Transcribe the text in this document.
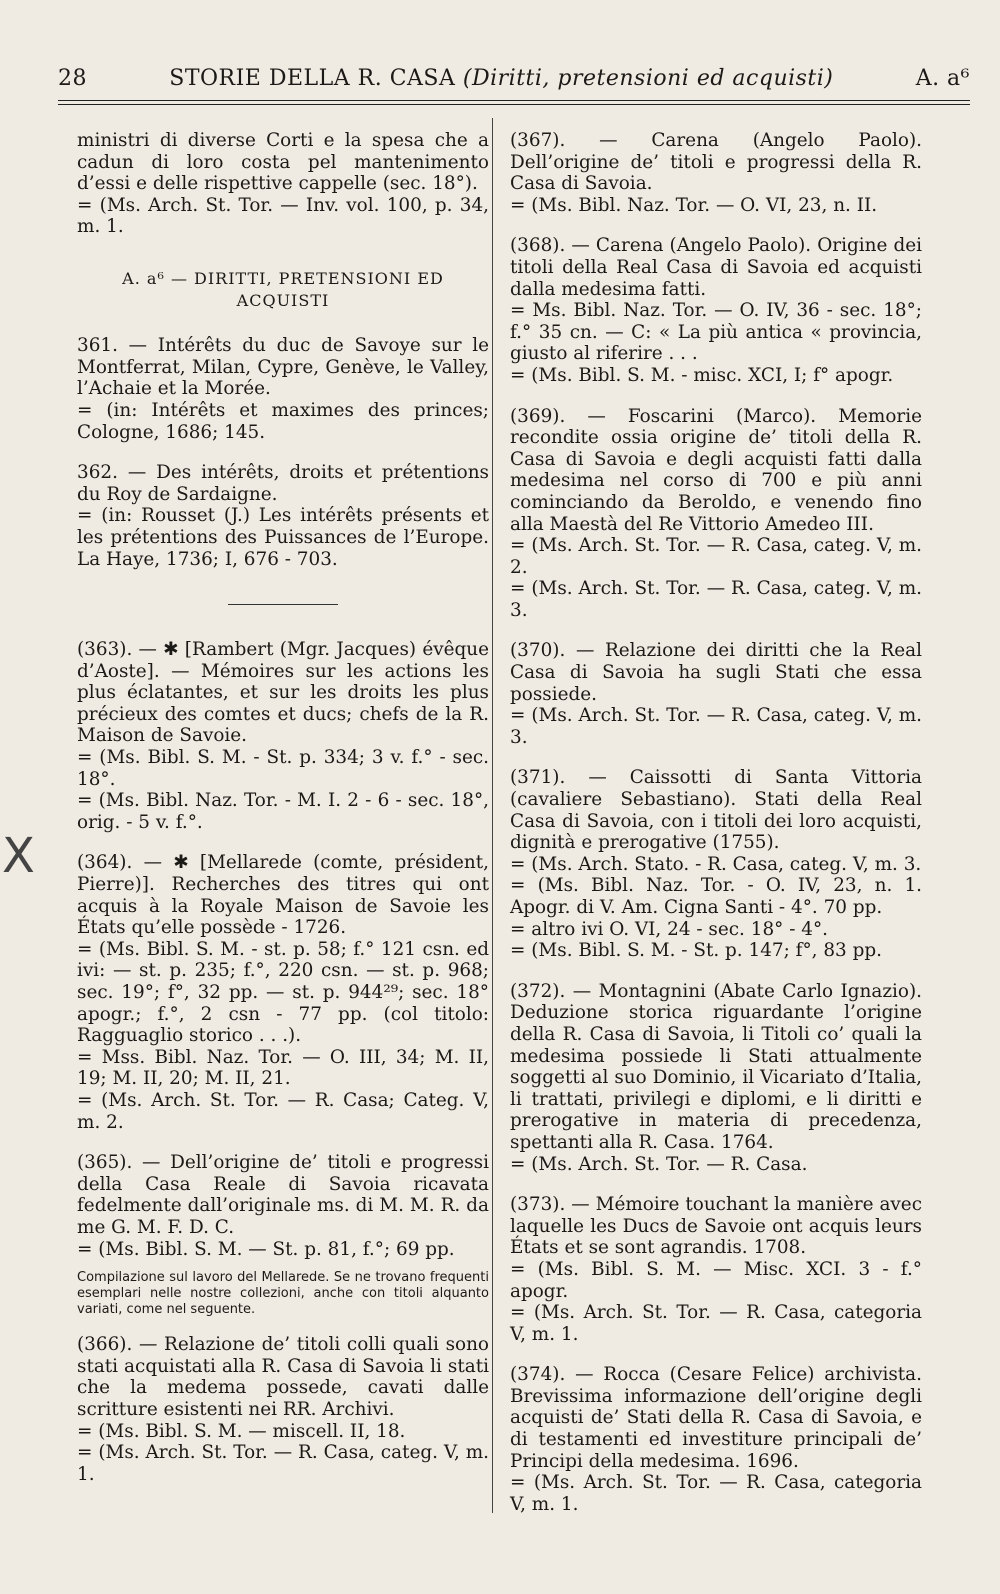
28	STORIE DELLA R. CASA (Diritti, pretensioni ed acquisti)	A. a⁶
X

ministri di diverse Corti e la spesa che a cadun di loro costa pel mantenimento d’essi e delle rispettive cappelle (sec. 18°).

= (Ms. Arch. St. Tor. — Inv. vol. 100, p. 34, m. 1.

A. a⁶ — DIRITTI, PRETENSIONI ED ACQUISTI

361. — Intérêts du duc de Savoye sur le Montferrat, Milan, Cypre, Genève, le Valley, l’Achaie et la Morée.

= (in: Intérêts et maximes des princes; Cologne, 1686; 145.

362. — Des intérêts, droits et prétentions du Roy de Sardaigne.

= (in: Rousset (J.) Les intérêts présents et les prétentions des Puissances de l’Europe. La Haye, 1736; I, 676 - 703.

(363). — ✱ [Rambert (Mgr. Jacques) évêque d’Aoste]. — Mémoires sur les actions les plus éclatantes, et sur les droits les plus précieux des comtes et ducs; chefs de la R. Maison de Savoie.

= (Ms. Bibl. S. M. - St. p. 334; 3 v. f.° - sec. 18°.

= (Ms. Bibl. Naz. Tor. - M. I. 2 - 6 - sec. 18°, orig. - 5 v. f.°.

(364). — ✱ [Mellarede (comte, président, Pierre)]. Recherches des titres qui ont acquis à la Royale Maison de Savoie les États qu’elle possède - 1726.

= (Ms. Bibl. S. M. - st. p. 58; f.° 121 csn. ed ivi: — st. p. 235; f.°, 220 csn. — st. p. 968; sec. 19°; f°, 32 pp. — st. p. 944²⁹; sec. 18° apogr.; f.°, 2 csn - 77 pp. (col titolo: Ragguaglio storico . . .).

= Mss. Bibl. Naz. Tor. — O. III, 34; M. II, 19; M. II, 20; M. II, 21.

= (Ms. Arch. St. Tor. — R. Casa; Categ. V, m. 2.

(365). — Dell’origine de’ titoli e progressi della Casa Reale di Savoia ricavata fedelmente dall’originale ms. di M. M. R. da me G. M. F. D. C.

= (Ms. Bibl. S. M. — St. p. 81, f.°; 69 pp.

Compilazione sul lavoro del Mellarede. Se ne trovano frequenti esemplari nelle nostre collezioni, anche con titoli alquanto variati, come nel seguente.

(366). — Relazione de’ titoli colli quali sono stati acquistati alla R. Casa di Savoia li stati che la medema possede, cavati dalle scritture esistenti nei RR. Archivi.

= (Ms. Bibl. S. M. — miscell. II, 18.

= (Ms. Arch. St. Tor. — R. Casa, categ. V, m. 1.

(367). — Carena (Angelo Paolo). Dell’origine de’ titoli e progressi della R. Casa di Savoia.

= (Ms. Bibl. Naz. Tor. — O. VI, 23, n. II.

(368). — Carena (Angelo Paolo). Origine dei titoli della Real Casa di Savoia ed acquisti dalla medesima fatti.

= Ms. Bibl. Naz. Tor. — O. IV, 36 - sec. 18°; f.° 35 cn. — C: « La più antica « provincia, giusto al riferire . . .

= (Ms. Bibl. S. M. - misc. XCI, I; f° apogr.

(369). — Foscarini (Marco). Memorie recondite ossia origine de’ titoli della R. Casa di Savoia e degli acquisti fatti dalla medesima nel corso di 700 e più anni cominciando da Beroldo, e venendo fino alla Maestà del Re Vittorio Amedeo III.

= (Ms. Arch. St. Tor. — R. Casa, categ. V, m. 2.

= (Ms. Arch. St. Tor. — R. Casa, categ. V, m. 3.

(370). — Relazione dei diritti che la Real Casa di Savoia ha sugli Stati che essa possiede.

= (Ms. Arch. St. Tor. — R. Casa, categ. V, m. 3.

(371). — Caissotti di Santa Vittoria (cavaliere Sebastiano). Stati della Real Casa di Savoia, con i titoli dei loro acquisti, dignità e prerogative (1755).

= (Ms. Arch. Stato. - R. Casa, categ. V, m. 3.

= (Ms. Bibl. Naz. Tor. - O. IV, 23, n. 1. Apogr. di V. Am. Cigna Santi - 4°. 70 pp.

= altro ivi O. VI, 24 - sec. 18° - 4°.

= (Ms. Bibl. S. M. - St. p. 147; f°, 83 pp.

(372). — Montagnini (Abate Carlo Ignazio). Deduzione storica riguardante l’origine della R. Casa di Savoia, li Titoli co’ quali la medesima possiede li Stati attualmente soggetti al suo Dominio, il Vicariato d’Italia, li trattati, privilegi e diplomi, e li diritti e prerogative in materia di precedenza, spettanti alla R. Casa. 1764.

= (Ms. Arch. St. Tor. — R. Casa.

(373). — Mémoire touchant la manière avec laquelle les Ducs de Savoie ont acquis leurs États et se sont agrandis. 1708.

= (Ms. Bibl. S. M. — Misc. XCI. 3 - f.° apogr.

= (Ms. Arch. St. Tor. — R. Casa, categoria V, m. 1.

(374). — Rocca (Cesare Felice) archivista. Brevissima informazione dell’origine degli acquisti de’ Stati della R. Casa di Savoia, e di testamenti ed investiture principali de’ Principi della medesima. 1696.

= (Ms. Arch. St. Tor. — R. Casa, categoria V, m. 1.
